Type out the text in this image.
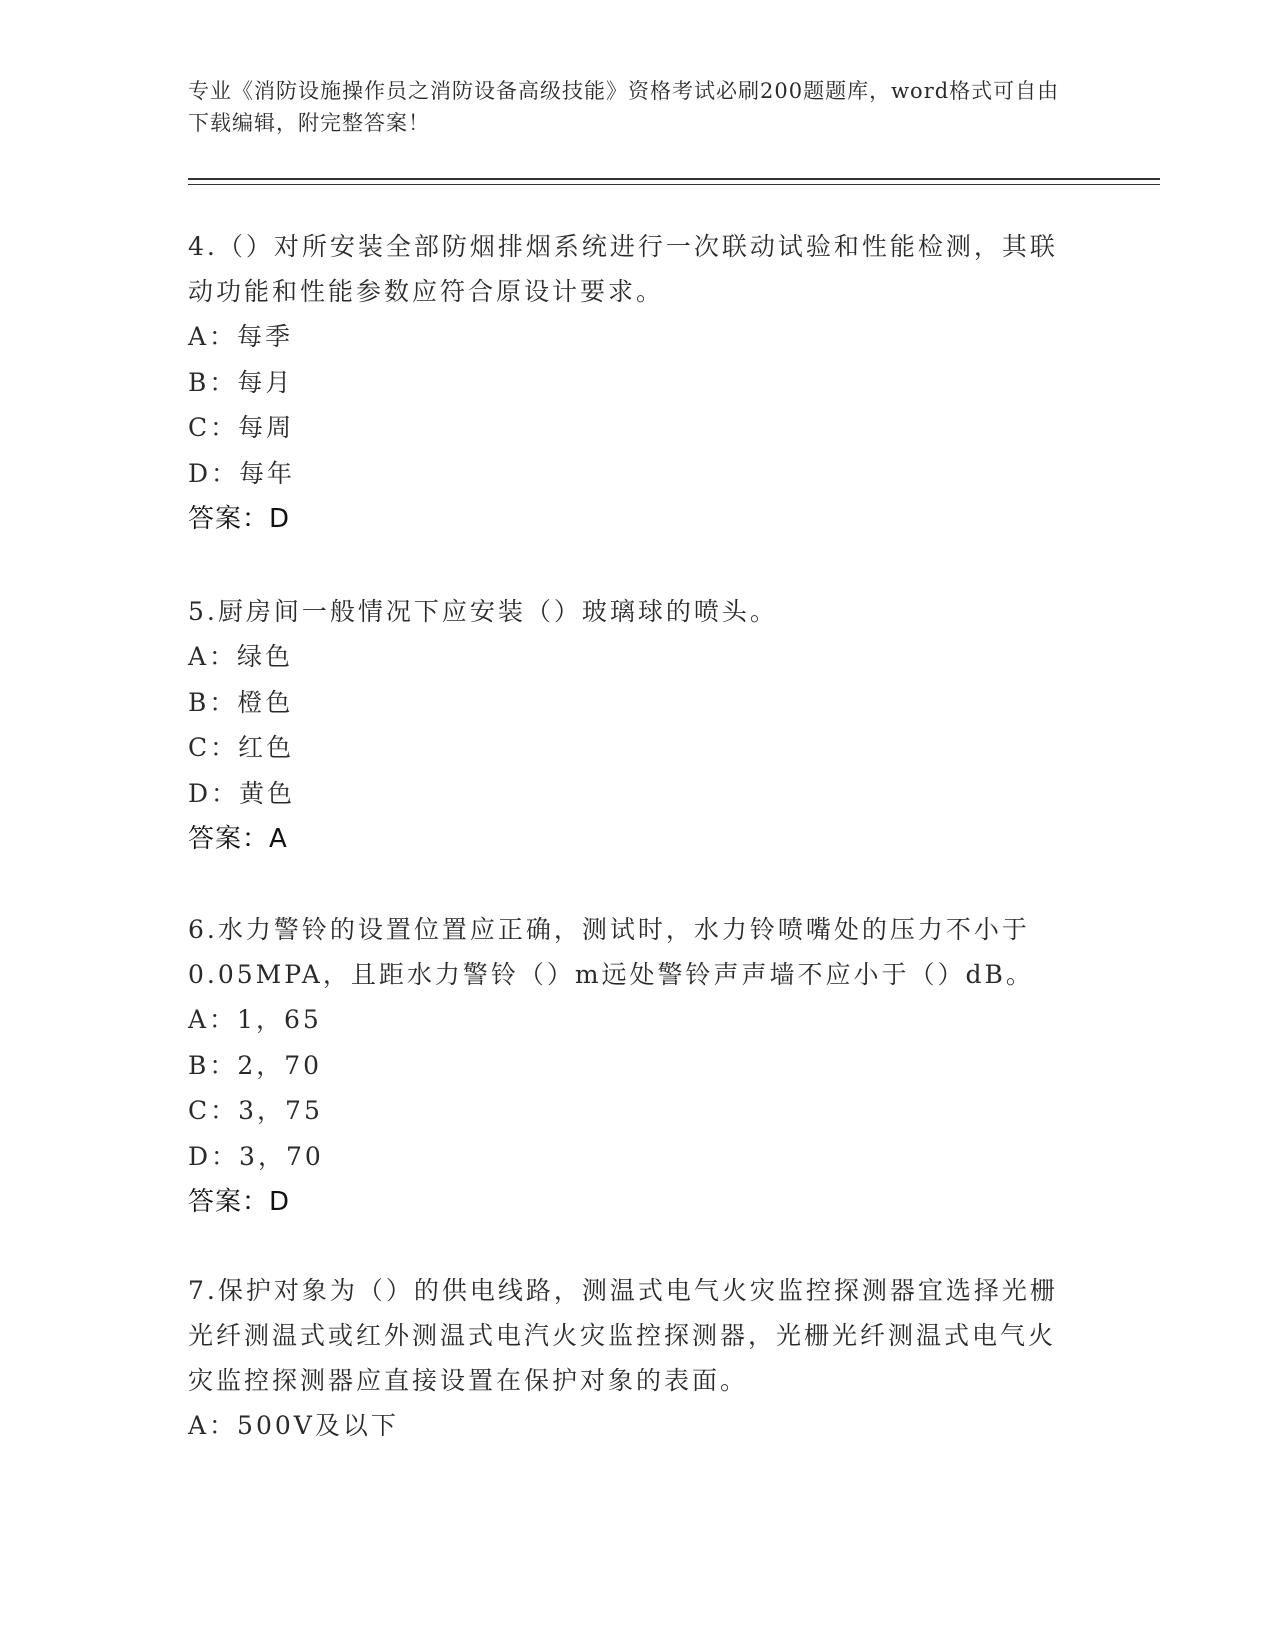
专业《消防设施操作员之消防设备高级技能》资格考试必刷200题题库，word格式可自由下载编辑，附完整答案！
4.（）对所安装全部防烟排烟系统进行一次联动试验和性能检测，其联动功能和性能参数应符合原设计要求。
A：每季
B：每月
C：每周
D：每年
答案：D
5.厨房间一般情况下应安装（）玻璃球的喷头。
A：绿色
B：橙色
C：红色
D：黄色
答案：A
6.水力警铃的设置位置应正确，测试时，水力铃喷嘴处的压力不小于0.05MPA，且距水力警铃（）m远处警铃声声墙不应小于（）dB。
A：1，65
B：2，70
C：3，75
D：3，70
答案：D
7.保护对象为（）的供电线路，测温式电气火灾监控探测器宜选择光栅光纤测温式或红外测温式电汽火灾监控探测器，光栅光纤测温式电气火灾监控探测器应直接设置在保护对象的表面。
A：500V及以下
